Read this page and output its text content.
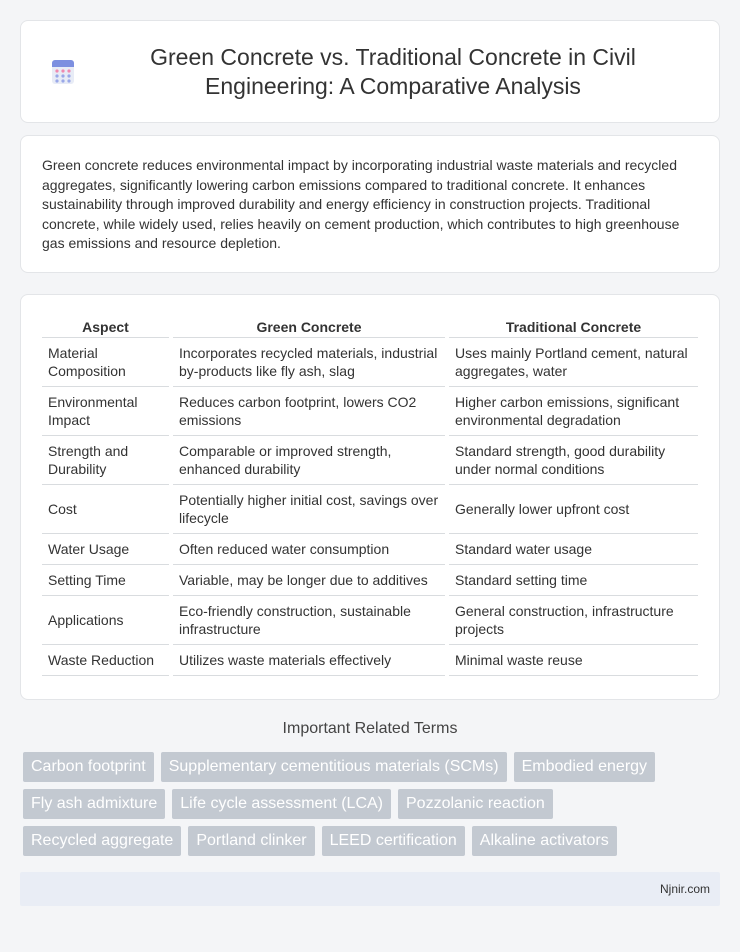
Green Concrete vs. Traditional Concrete in Civil Engineering: A Comparative Analysis

Green concrete reduces environmental impact by incorporating industrial waste materials and recycled aggregates, significantly lowering carbon emissions compared to traditional concrete. It enhances sustainability through improved durability and energy efficiency in construction projects. Traditional concrete, while widely used, relies heavily on cement production, which contributes to high greenhouse gas emissions and resource depletion.

Aspect	Green Concrete	Traditional Concrete
Material Composition	Incorporates recycled materials, industrial by-products like fly ash, slag	Uses mainly Portland cement, natural aggregates, water
Environmental Impact	Reduces carbon footprint, lowers CO2 emissions	Higher carbon emissions, significant environmental degradation
Strength and Durability	Comparable or improved strength, enhanced durability	Standard strength, good durability under normal conditions
Cost	Potentially higher initial cost, savings over lifecycle	Generally lower upfront cost
Water Usage	Often reduced water consumption	Standard water usage
Setting Time	Variable, may be longer due to additives	Standard setting time
Applications	Eco-friendly construction, sustainable infrastructure	General construction, infrastructure projects
Waste Reduction	Utilizes waste materials effectively	Minimal waste reuse
Important Related Terms
Carbon footprint	Supplementary cementitious materials (SCMs)	Embodied energy
Fly ash admixture	Life cycle assessment (LCA)	Pozzolanic reaction
Recycled aggregate	Portland clinker	LEED certification	Alkaline activators
Njnir.com
